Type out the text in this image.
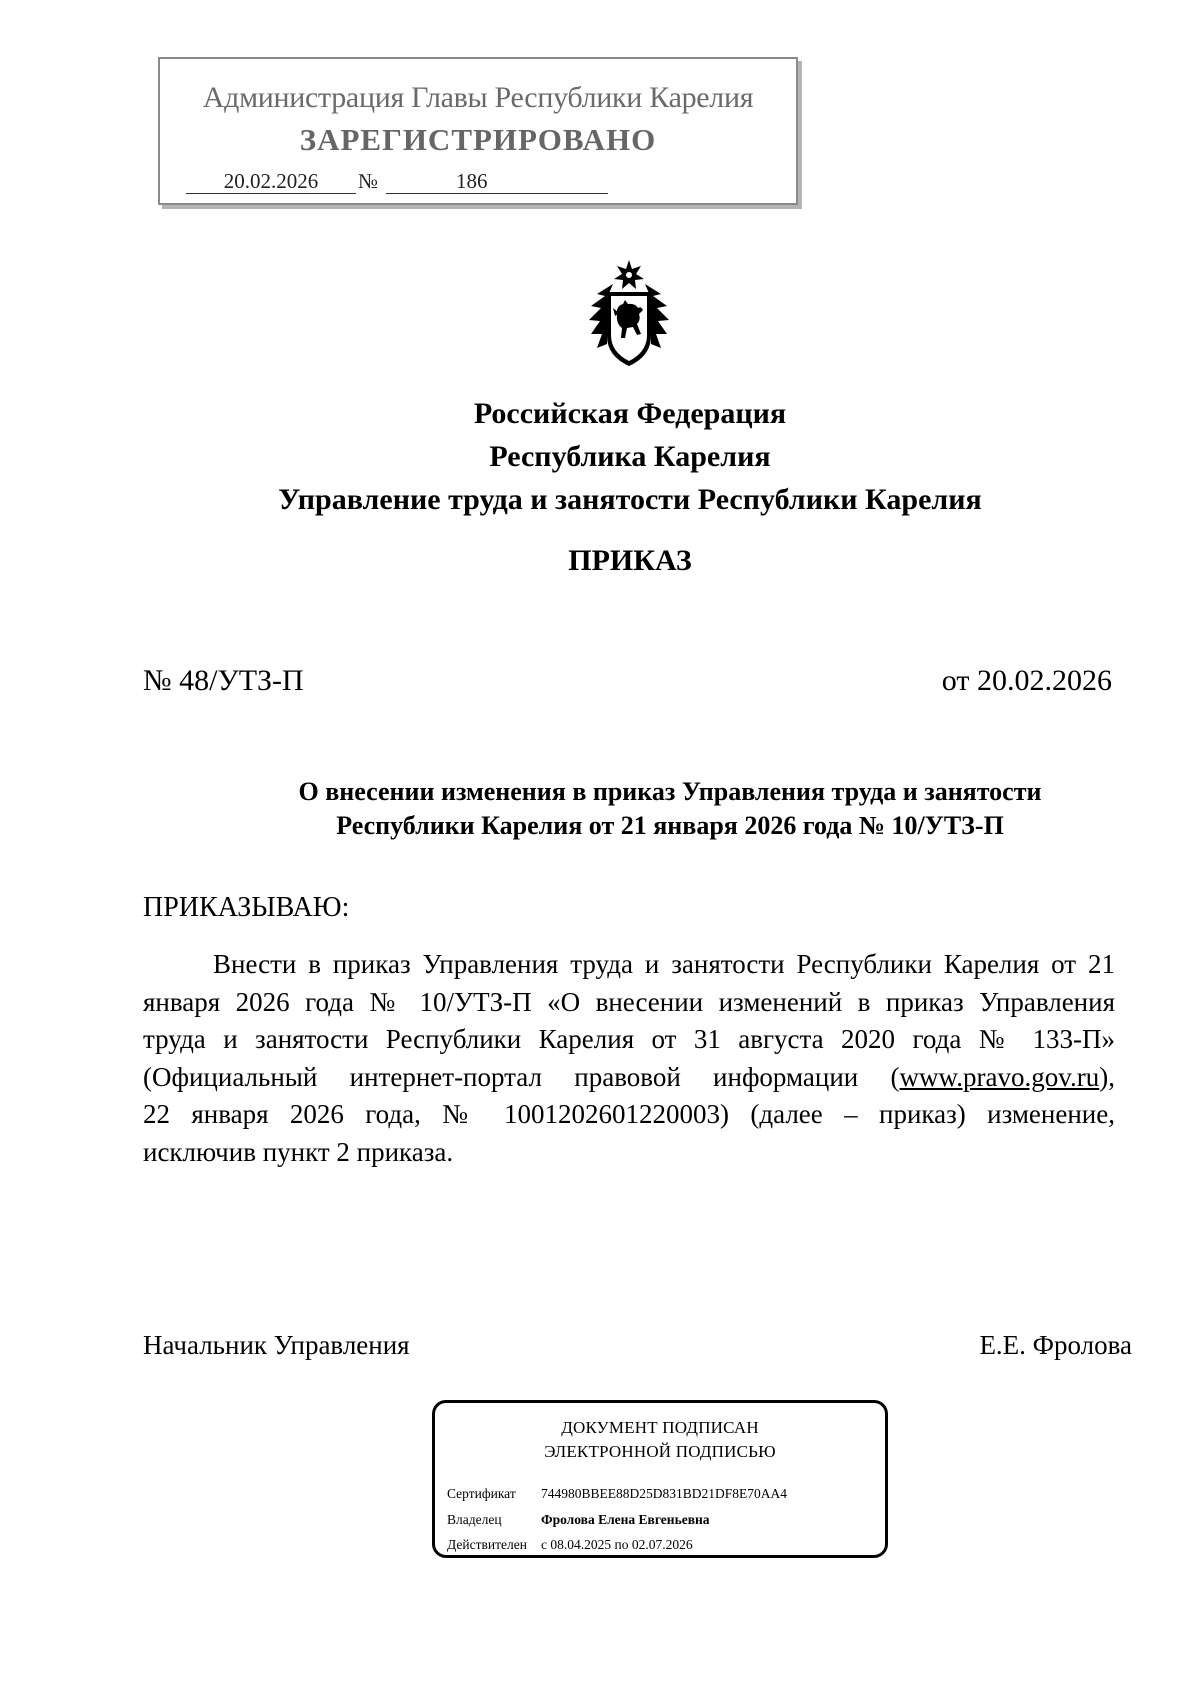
Администрация Главы Республики Карелия
ЗАРЕГИСТРИРОВАНО
20.02.2026	№	186
Российская Федерация
Республика Карелия
Управление труда и занятости Республики Карелия
ПРИКАЗ
№ 48/УТЗ-П	от 20.02.2026
О внесении изменения в приказ Управления труда и занятости
Республики Карелия от 21 января 2026 года № 10/УТЗ-П
ПРИКАЗЫВАЮ:
Внести в приказ Управления труда и занятости Республики Карелия от 21
января 2026 года № 10/УТЗ-П «О внесении изменений в приказ Управления
труда и занятости Республики Карелия от 31 августа 2020 года № 133-П»
(Официальный интернет-портал правовой информации (www.pravo.gov.ru),
22 января 2026 года, № 1001202601220003) (далее – приказ) изменение,
исключив пункт 2 приказа.
Начальник Управления	Е.Е. Фролова
ДОКУМЕНТ ПОДПИСАН
ЭЛЕКТРОННОЙ ПОДПИСЬЮ
Сертификат 744980BBEE88D25D831BD21DF8E70AA4
Владелец	Фролова Елена Евгеньевна
Действителен с 08.04.2025 по 02.07.2026
